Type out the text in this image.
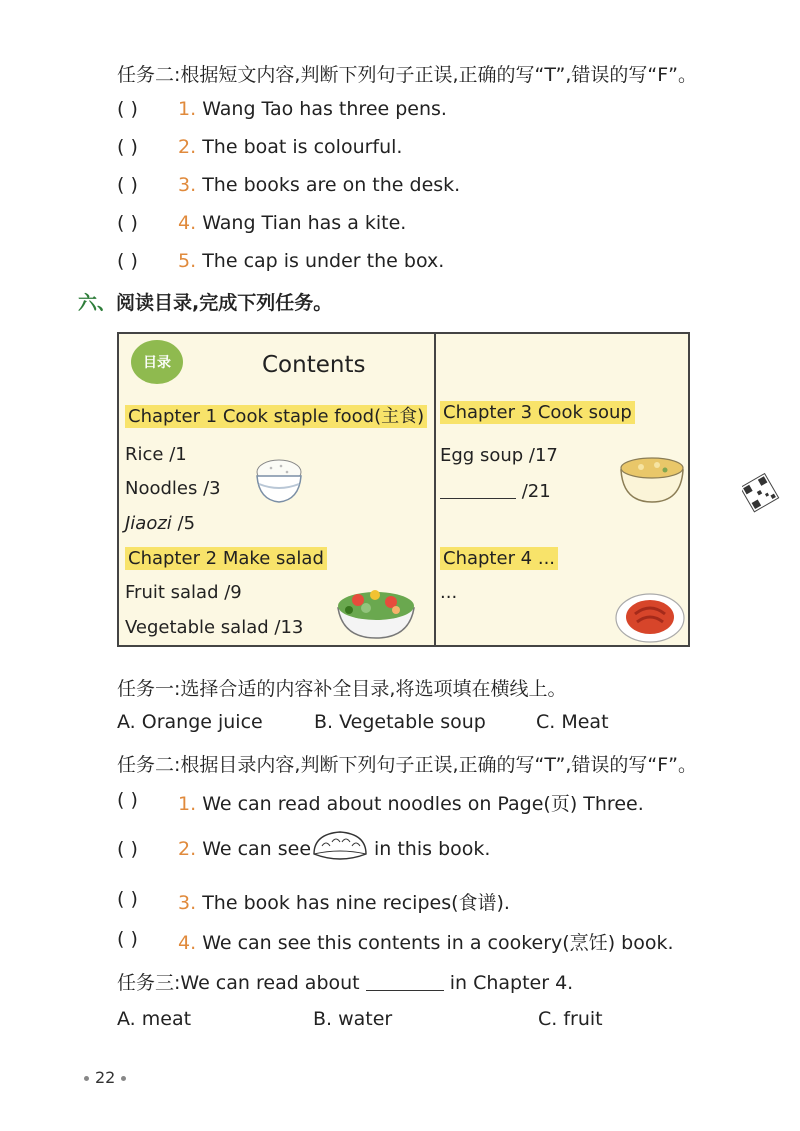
任务二:根据短文内容,判断下列句子正误,正确的写“T”,错误的写“F”。
( ) 1. Wang Tao has three pens.
( ) 2. The boat is colourful.
( ) 3. The books are on the desk.
( ) 4. Wang Tian has a kite.
( ) 5. The cap is under the box.
六、阅读目录,完成下列任务。
目录	Contents
Chapter 1 Cook staple food(主食)
Rice /1
Noodles /3
Jiaozi /5
Chapter 2 Make salad
Fruit salad /9
Vegetable salad /13
Chapter 3 Cook soup
Egg soup /17
/21
Chapter 4 ...
...
任务一:选择合适的内容补全目录,将选项填在横线上。
A. Orange juice	B. Vegetable soup	C. Meat
任务二:根据目录内容,判断下列句子正误,正确的写“T”,错误的写“F”。
( ) 1. We can read about noodles on Page(页) Three.
( ) 2. We can see	in this book.
( ) 3. The book has nine recipes(食谱).
( ) 4. We can see this contents in a cookery(烹饪) book.
任务三:We can read about	in Chapter 4.
A. meat	B. water	C. fruit
22
